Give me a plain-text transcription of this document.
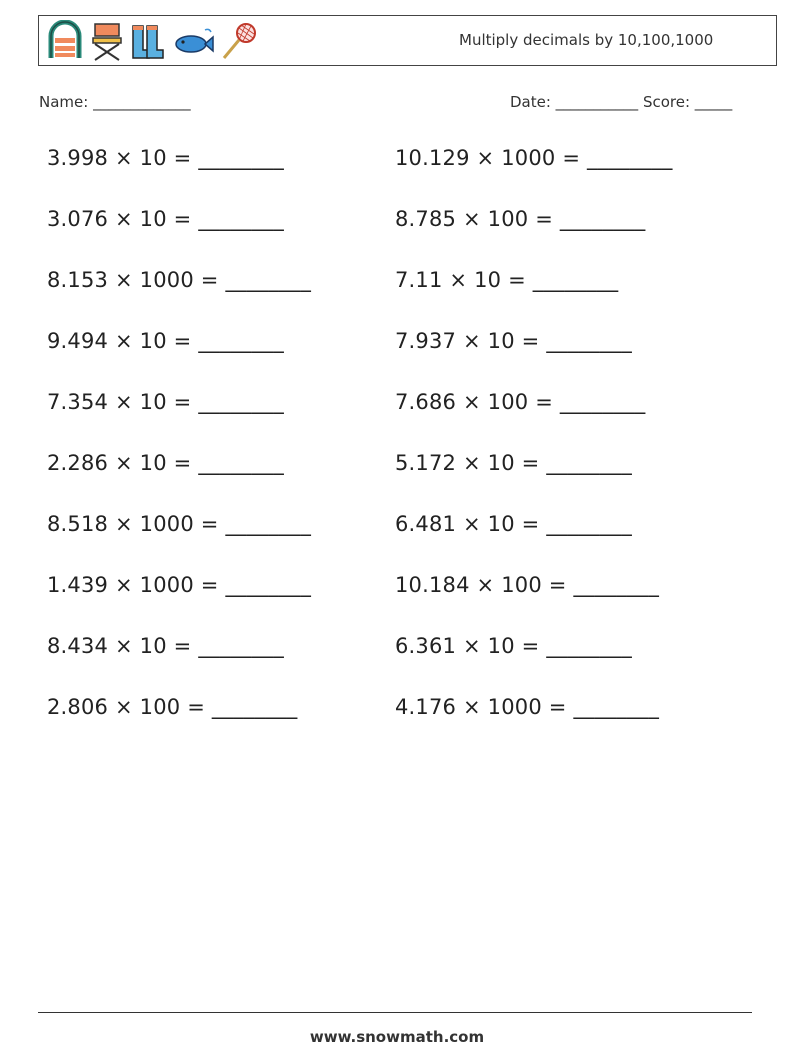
Multiply decimals by 10,100,1000
Name: _____________	Date: ___________ Score: _____
3.998 × 10 = ________	10.129 × 1000 = ________
3.076 × 10 = ________	8.785 × 100 = ________
8.153 × 1000 = ________	7.11 × 10 = ________
9.494 × 10 = ________	7.937 × 10 = ________
7.354 × 10 = ________	7.686 × 100 = ________
2.286 × 10 = ________	5.172 × 10 = ________
8.518 × 1000 = ________	6.481 × 10 = ________
1.439 × 1000 = ________	10.184 × 100 = ________
8.434 × 10 = ________	6.361 × 10 = ________
2.806 × 100 = ________	4.176 × 1000 = ________
www.snowmath.com
